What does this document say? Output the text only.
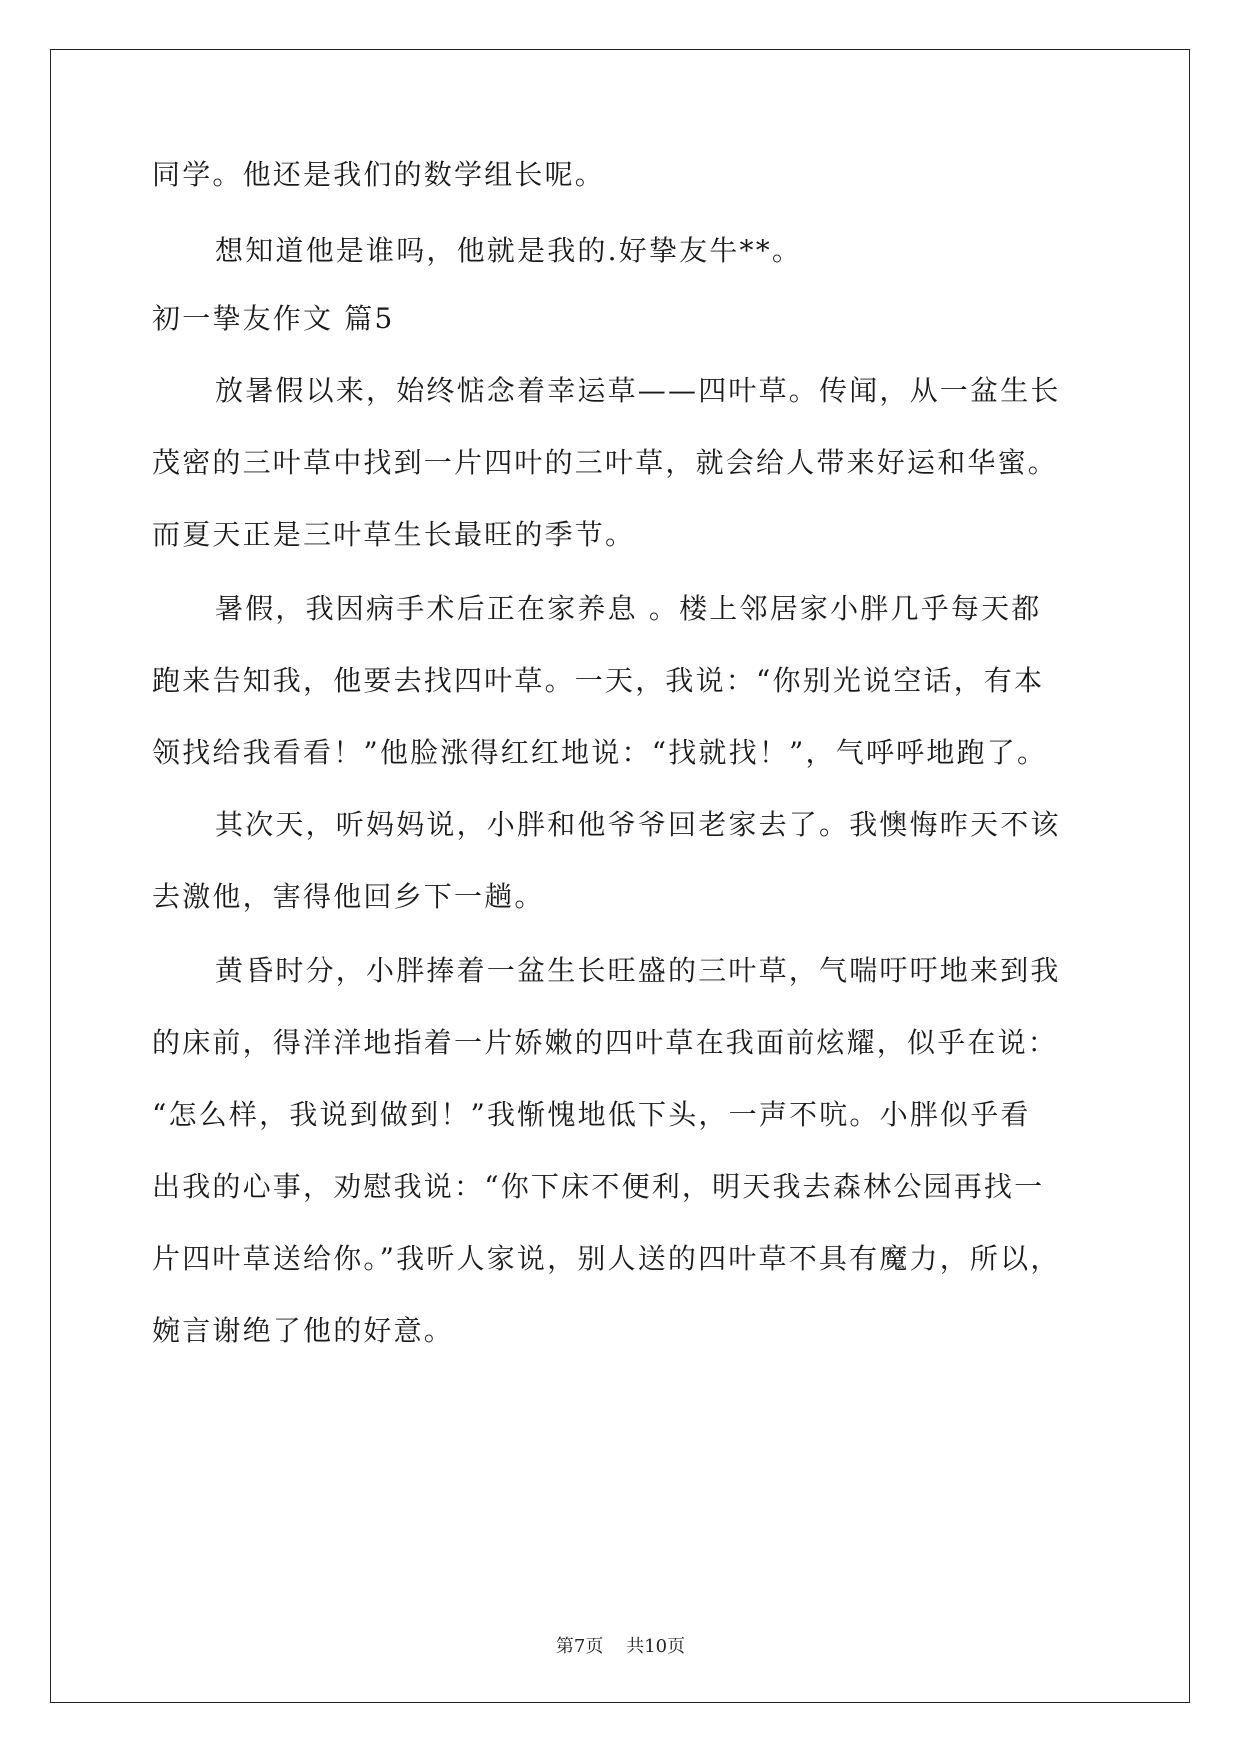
同学。他还是我们的数学组长呢。

想知道他是谁吗，他就是我的.好挚友牛**。

初一挚友作文 篇5

放暑假以来，始终惦念着幸运草——四叶草。传闻，从一盆生长

茂密的三叶草中找到一片四叶的三叶草，就会给人带来好运和华蜜。

而夏天正是三叶草生长最旺的季节。

暑假，我因病手术后正在家养息 。楼上邻居家小胖几乎每天都

跑来告知我，他要去找四叶草。一天，我说：“你别光说空话，有本

领找给我看看！”他脸涨得红红地说：“找就找！”，气呼呼地跑了。

其次天，听妈妈说，小胖和他爷爷回老家去了。我懊悔昨天不该

去激他，害得他回乡下一趟。

黄昏时分，小胖捧着一盆生长旺盛的三叶草，气喘吁吁地来到我

的床前，得洋洋地指着一片娇嫩的四叶草在我面前炫耀，似乎在说：

“怎么样，我说到做到！”我惭愧地低下头，一声不吭。小胖似乎看

出我的心事，劝慰我说：“你下床不便利，明天我去森林公园再找一

片四叶草送给你。”我听人家说，别人送的四叶草不具有魔力，所以，

婉言谢绝了他的好意。

第7页    共10页
